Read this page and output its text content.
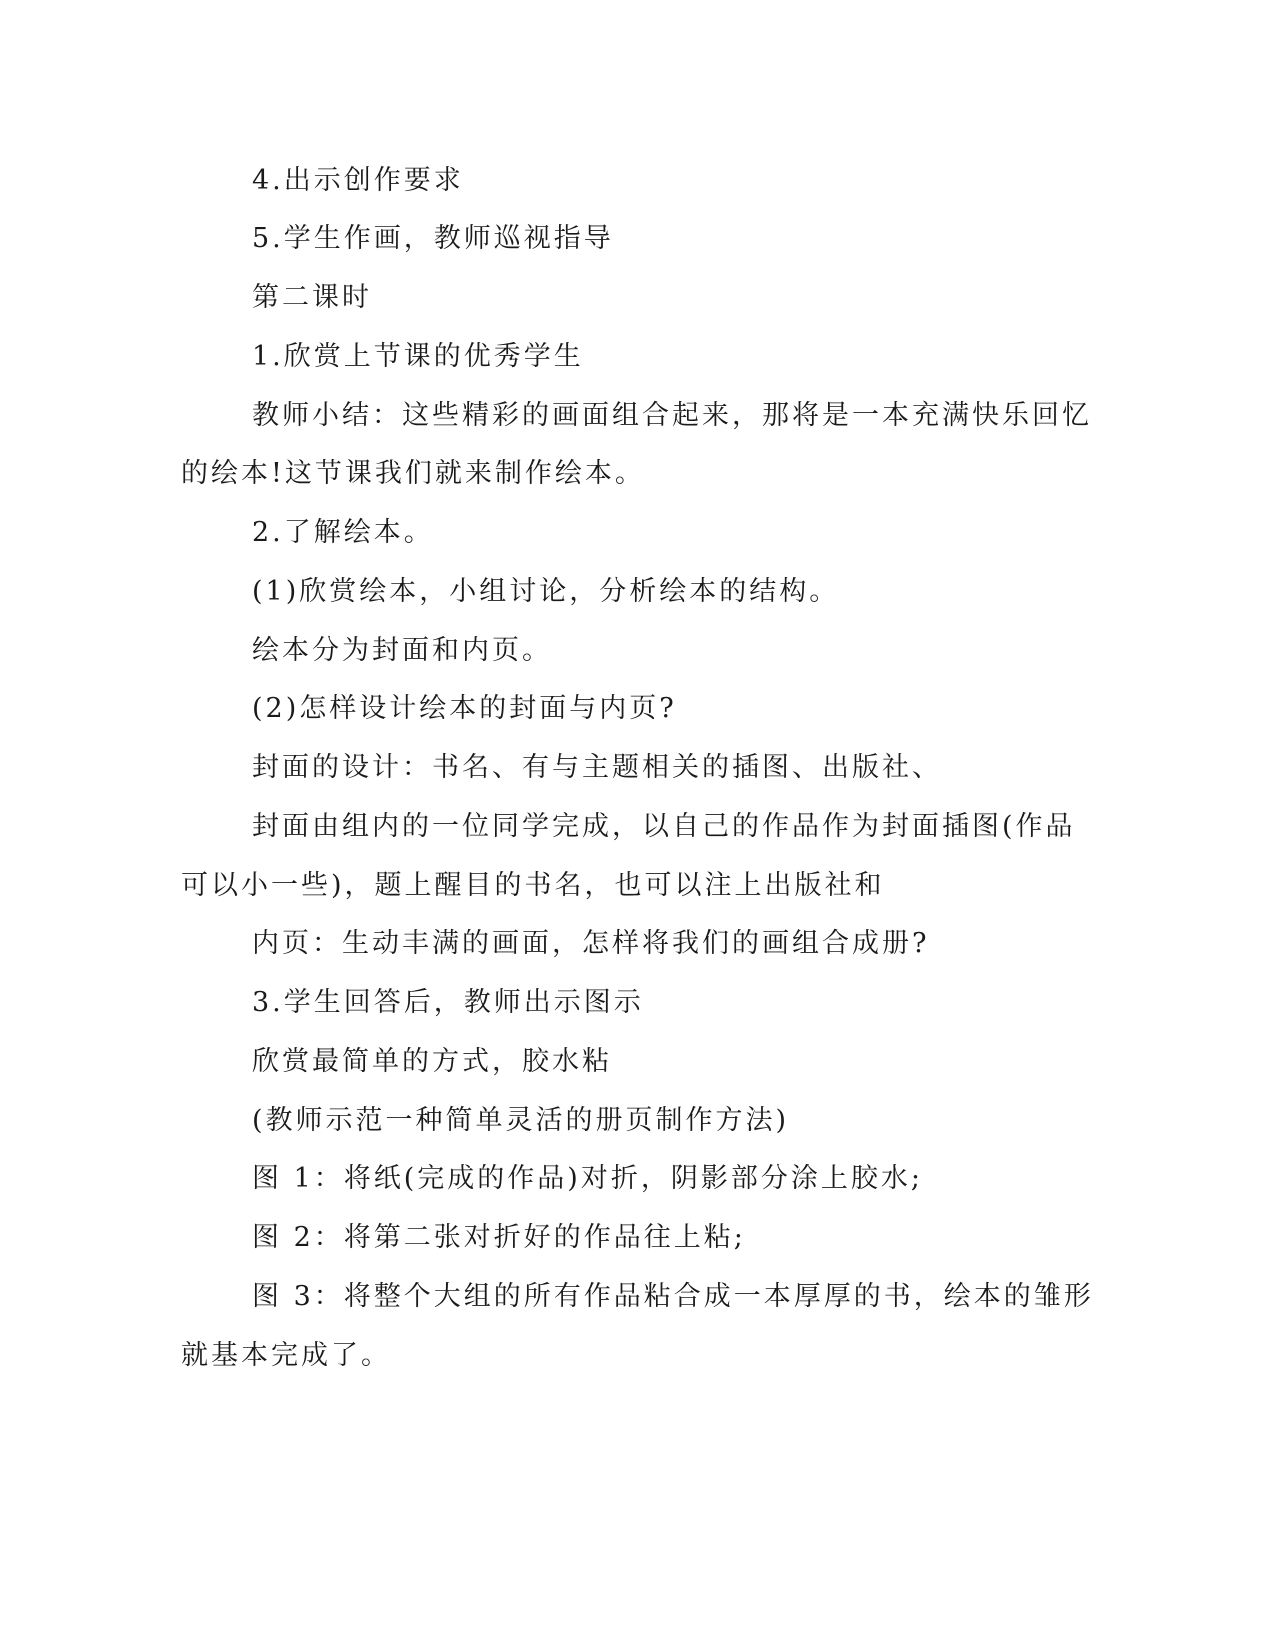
4.出示创作要求

5.学生作画，教师巡视指导

第二课时

1.欣赏上节课的优秀学生

教师小结：这些精彩的画面组合起来，那将是一本充满快乐回忆

的绘本!这节课我们就来制作绘本。

2.了解绘本。

(1)欣赏绘本，小组讨论，分析绘本的结构。

绘本分为封面和内页。

(2)怎样设计绘本的封面与内页?

封面的设计：书名、有与主题相关的插图、出版社、

封面由组内的一位同学完成，以自己的作品作为封面插图(作品

可以小一些)，题上醒目的书名，也可以注上出版社和

内页：生动丰满的画面，怎样将我们的画组合成册?

3.学生回答后，教师出示图示

欣赏最简单的方式，胶水粘

(教师示范一种简单灵活的册页制作方法)

图 1：将纸(完成的作品)对折，阴影部分涂上胶水;

图 2：将第二张对折好的作品往上粘;

图 3：将整个大组的所有作品粘合成一本厚厚的书，绘本的雏形

就基本完成了。
